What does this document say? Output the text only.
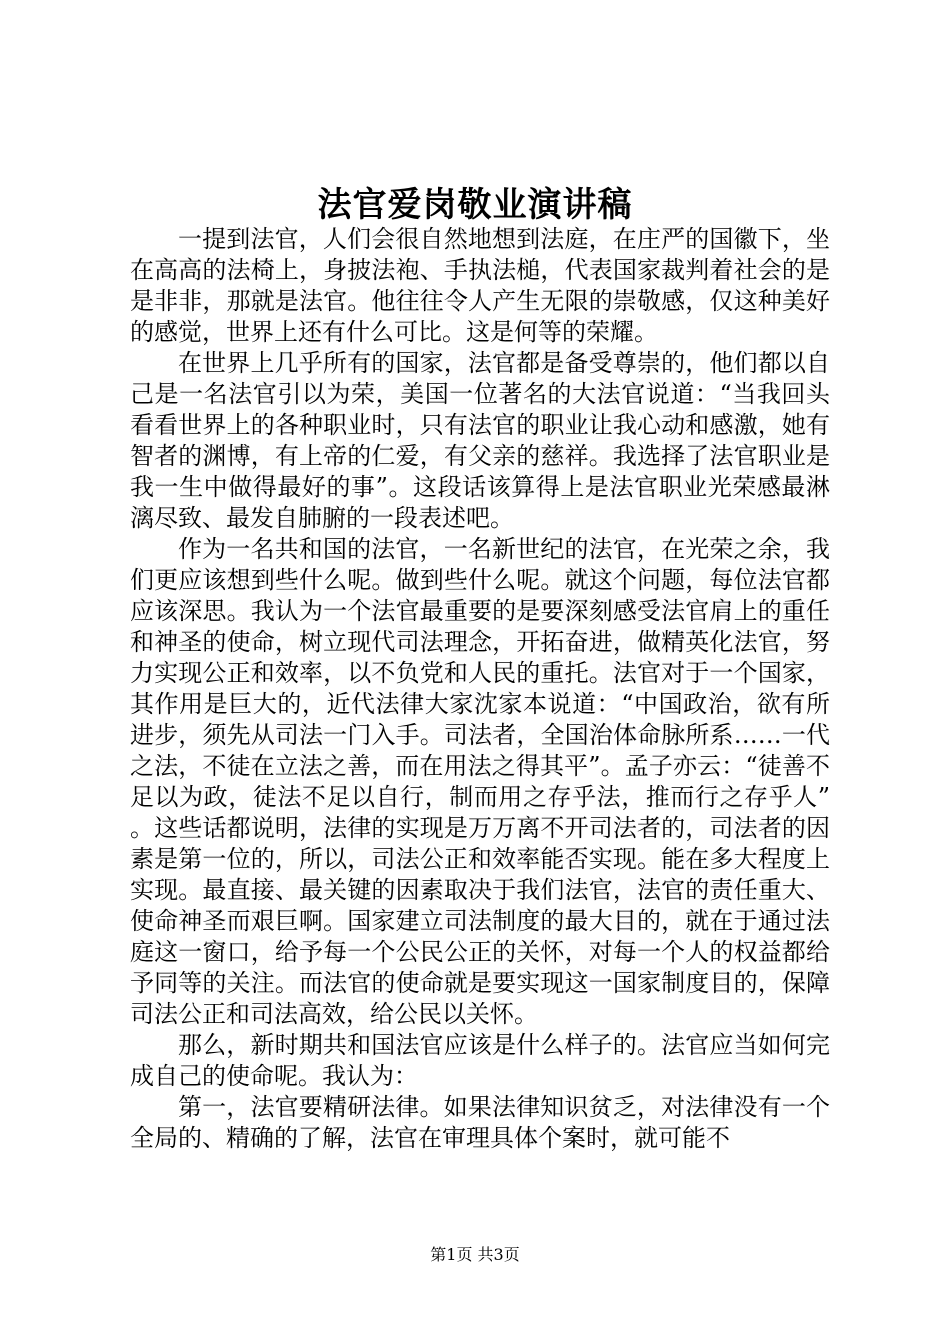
法官爱岗敬业演讲稿

一提到法官，人们会很自然地想到法庭，在庄严的国徽下，坐在高高的法椅上，身披法袍、手执法槌，代表国家裁判着社会的是是非非，那就是法官。他往往令人产生无限的崇敬感，仅这种美好的感觉，世界上还有什么可比。这是何等的荣耀。

在世界上几乎所有的国家，法官都是备受尊崇的，他们都以自己是一名法官引以为荣，美国一位著名的大法官说道：“当我回头看看世界上的各种职业时，只有法官的职业让我心动和感激，她有智者的渊博，有上帝的仁爱，有父亲的慈祥。我选择了法官职业是我一生中做得最好的事”。这段话该算得上是法官职业光荣感最淋漓尽致、最发自肺腑的一段表述吧。

作为一名共和国的法官，一名新世纪的法官，在光荣之余，我们更应该想到些什么呢。做到些什么呢。就这个问题，每位法官都应该深思。我认为一个法官最重要的是要深刻感受法官肩上的重任和神圣的使命，树立现代司法理念，开拓奋进，做精英化法官，努力实现公正和效率，以不负党和人民的重托。法官对于一个国家，其作用是巨大的，近代法律大家沈家本说道：“中国政治，欲有所进步，须先从司法一门入手。司法者，全国治体命脉所系……一代之法，不徒在立法之善，而在用法之得其平”。孟子亦云：“徒善不足以为政，徒法不足以自行，制而用之存乎法，推而行之存乎人”。这些话都说明，法律的实现是万万离不开司法者的，司法者的因素是第一位的，所以，司法公正和效率能否实现。能在多大程度上实现。最直接、最关键的因素取决于我们法官，法官的责任重大、使命神圣而艰巨啊。国家建立司法制度的最大目的，就在于通过法庭这一窗口，给予每一个公民公正的关怀，对每一个人的权益都给予同等的关注。而法官的使命就是要实现这一国家制度目的，保障司法公正和司法高效，给公民以关怀。

那么，新时期共和国法官应该是什么样子的。法官应当如何完成自己的使命呢。我认为：

第一，法官要精研法律。如果法律知识贫乏，对法律没有一个全局的、精确的了解，法官在审理具体个案时，就可能不

第1页 共3页
